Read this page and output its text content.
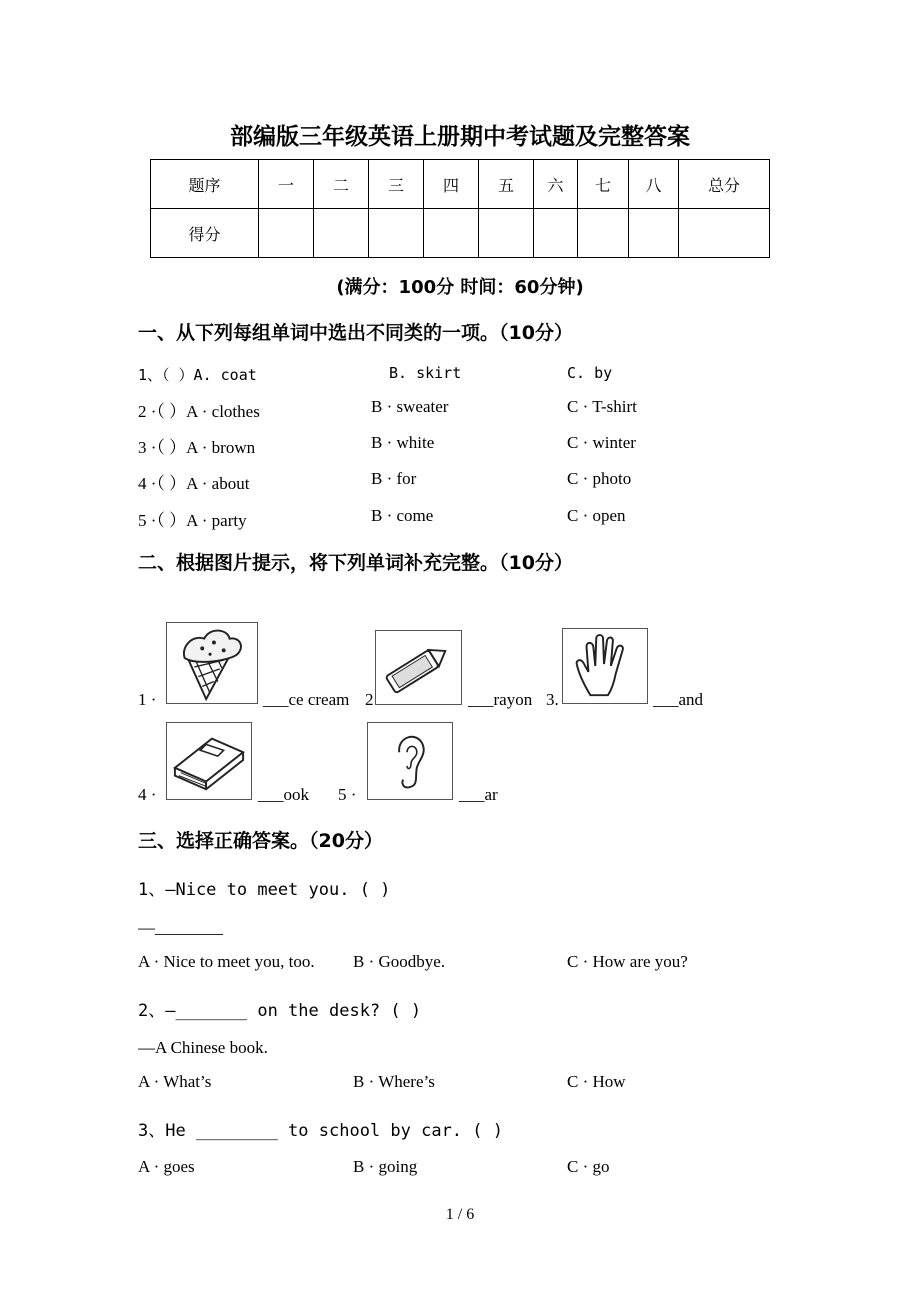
部编版三年级英语上册期中考试题及完整答案
题序	一	二	三	四	五	六	七	八	总分
得分									
(满分：100分 时间：60分钟)
一、从下列每组单词中选出不同类的一项。（10分）
1、（ ）A. coat	B. skirt	C. by
2 ·（ ）A · clothes	B · sweater	C · T-shirt
3 ·（ ）A · brown	B · white	C · winter
4 ·（ ）A · about	B · for	C · photo
5 ·（ ）A · party	B · come	C · open
二、根据图片提示，将下列单词补充完整。（10分）
1 ·	___ce cream 2	___rayon 3.	___and
4 ·	___ook 5 ·	___ar
三、选择正确答案。（20分）
1、—Nice to meet you. ( )
—________
A · Nice to meet you, too. B · Goodbye.	C · How are you?
2、—_______ on the desk? ( )
—A Chinese book.
A · What’s	B · Where’s	C · How
3、He ________ to school by car. ( )
A · goes	B · going	C · go
1 / 6
